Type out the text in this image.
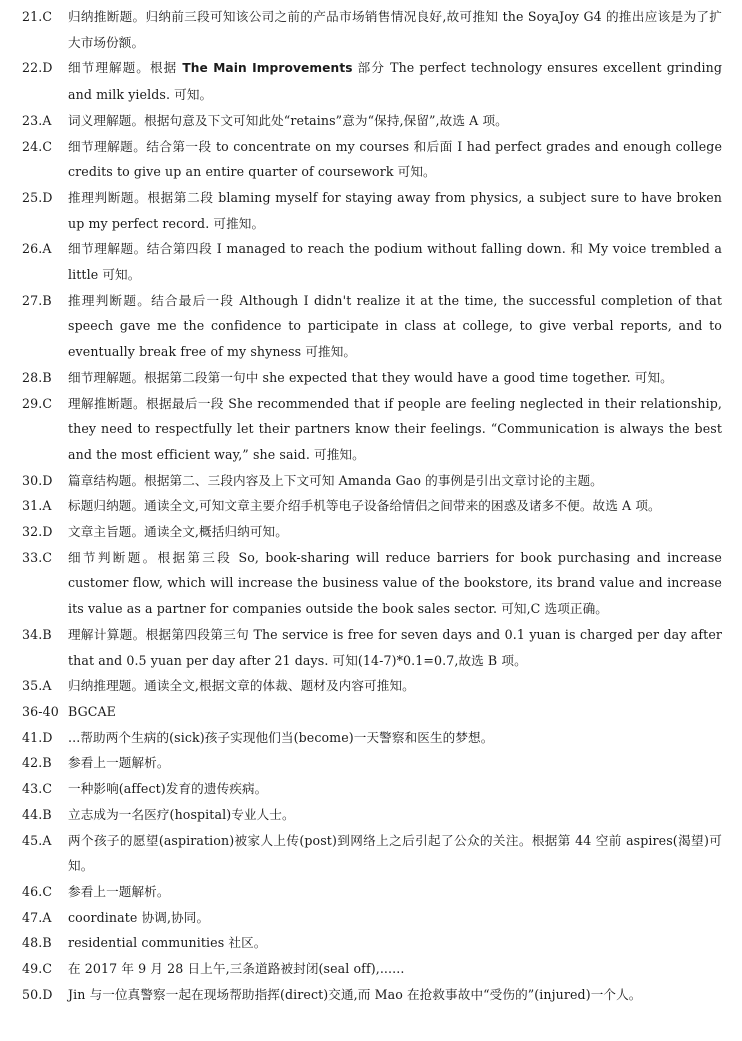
21.C	归纳推断题。归纳前三段可知该公司之前的产品市场销售情况良好,故可推知 the SoyaJoy G4 的推出应该是为了扩大市场份额。
22.D	细节理解题。根据 The Main Improvements 部分 The perfect technology ensures excellent grinding and milk yields. 可知。
23.A	词义理解题。根据句意及下文可知此处“retains”意为“保持,保留”,故选 A 项。
24.C	细节理解题。结合第一段 to concentrate on my courses 和后面 I had perfect grades and enough college credits to give up an entire quarter of coursework 可知。
25.D	推理判断题。根据第二段 blaming myself for staying away from physics, a subject sure to have broken up my perfect record. 可推知。
26.A	细节理解题。结合第四段 I managed to reach the podium without falling down. 和 My voice trembled a little 可知。
27.B	推理判断题。结合最后一段 Although I didn't realize it at the time, the successful completion of that speech gave me the confidence to participate in class at college, to give verbal reports, and to eventually break free of my shyness 可推知。
28.B	细节理解题。根据第二段第一句中 she expected that they would have a good time together. 可知。
29.C	理解推断题。根据最后一段 She recommended that if people are feeling neglected in their relationship, they need to respectfully let their partners know their feelings. “Communication is always the best and the most efficient way,” she said. 可推知。
30.D	篇章结构题。根据第二、三段内容及上下文可知 Amanda Gao 的事例是引出文章讨论的主题。
31.A	标题归纳题。通读全文,可知文章主要介绍手机等电子设备给情侣之间带来的困惑及诸多不便。故选 A 项。
32.D	文章主旨题。通读全文,概括归纳可知。
33.C	细节判断题。根据第三段 So, book-sharing will reduce barriers for book purchasing and increase customer flow, which will increase the business value of the bookstore, its brand value and increase its value as a partner for companies outside the book sales sector. 可知,C 选项正确。
34.B	理解计算题。根据第四段第三句 The service is free for seven days and 0.1 yuan is charged per day after that and 0.5 yuan per day after 21 days. 可知(14-7)*0.1=0.7,故选 B 项。
35.A	归纳推理题。通读全文,根据文章的体裁、题材及内容可推知。
36-40 BGCAE
41.D	...帮助两个生病的(sick)孩子实现他们当(become)一天警察和医生的梦想。
42.B	参看上一题解析。
43.C	一种影响(affect)发育的遗传疾病。
44.B	立志成为一名医疗(hospital)专业人士。
45.A	两个孩子的愿望(aspiration)被家人上传(post)到网络上之后引起了公众的关注。根据第 44 空前 aspires(渴望)可知。
46.C	参看上一题解析。
47.A	coordinate 协调,协同。
48.B	residential communities 社区。
49.C	在 2017 年 9 月 28 日上午,三条道路被封闭(seal off),......
50.D	Jin 与一位真警察一起在现场帮助指挥(direct)交通,而 Mao 在抢救事故中“受伤的”(injured)一个人。
